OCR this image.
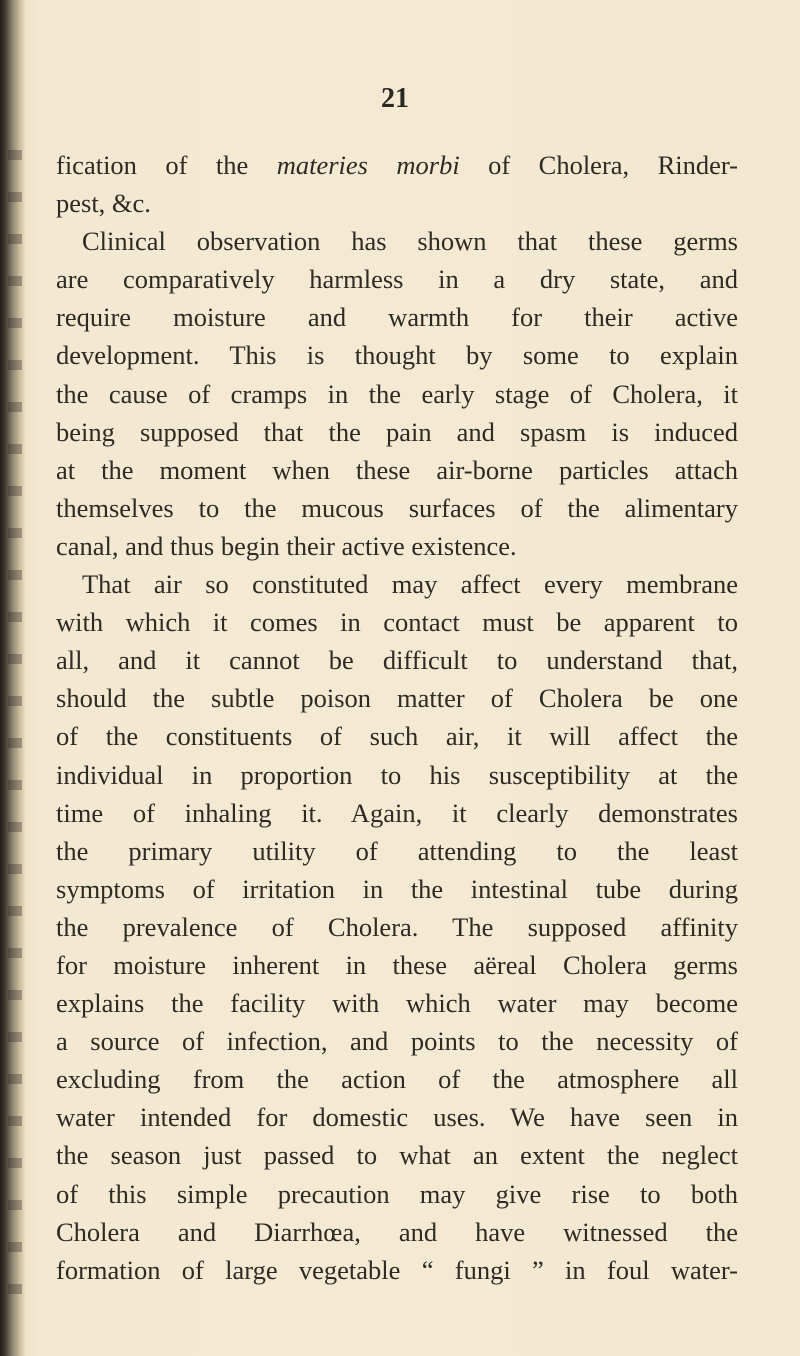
21
fication of the materies morbi of Cholera, Rinder-
pest, &c.
Clinical observation has shown that these germs
are comparatively harmless in a dry state, and
require moisture and warmth for their active
development. This is thought by some to explain
the cause of cramps in the early stage of Cholera, it
being supposed that the pain and spasm is induced
at the moment when these air-borne particles attach
themselves to the mucous surfaces of the alimentary
canal, and thus begin their active existence.
That air so constituted may affect every membrane
with which it comes in contact must be apparent to
all, and it cannot be difficult to understand that,
should the subtle poison matter of Cholera be one
of the constituents of such air, it will affect the
individual in proportion to his susceptibility at the
time of inhaling it. Again, it clearly demonstrates
the primary utility of attending to the least
symptoms of irritation in the intestinal tube during
the prevalence of Cholera. The supposed affinity
for moisture inherent in these aëreal Cholera germs
explains the facility with which water may become
a source of infection, and points to the necessity of
excluding from the action of the atmosphere all
water intended for domestic uses. We have seen in
the season just passed to what an extent the neglect
of this simple precaution may give rise to both
Cholera and Diarrhœa, and have witnessed the
formation of large vegetable “ fungi ” in foul water-
